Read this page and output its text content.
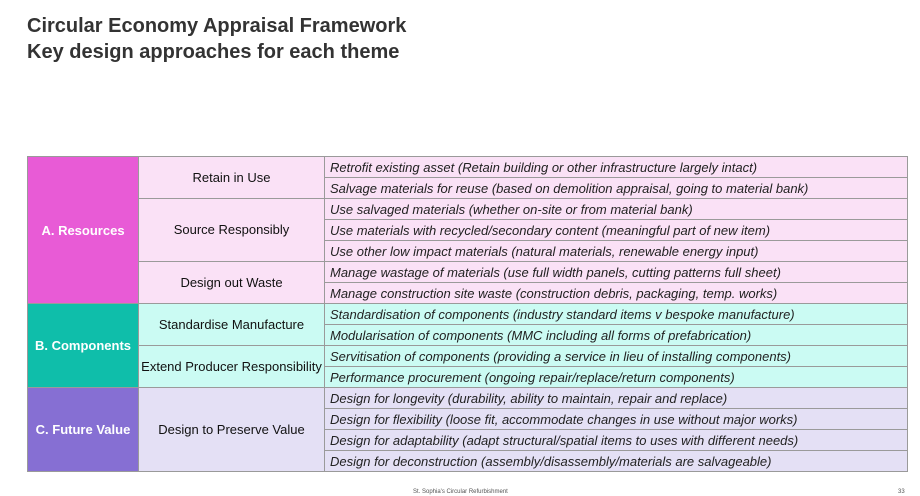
Circular Economy Appraisal Framework
Key design approaches for each theme
A. Resources	Retain in Use	Retrofit existing asset (Retain building or other infrastructure largely intact)
		Salvage materials for reuse (based on demolition appraisal, going to material bank)
	Source Responsibly	Use salvaged materials (whether on-site or from material bank)
		Use materials with recycled/secondary content (meaningful part of new item)
		Use other low impact materials (natural materials, renewable energy input)
	Design out Waste	Manage wastage of materials (use full width panels, cutting patterns full sheet)
		Manage construction site waste (construction debris, packaging, temp. works)
B. Components	Standardise Manufacture	Standardisation of components (industry standard items v bespoke manufacture)
		Modularisation of components (MMC including all forms of prefabrication)
	Extend Producer Responsibility	Servitisation of components (providing a service in lieu of installing components)
		Performance procurement (ongoing repair/replace/return components)
C. Future Value	Design to Preserve Value	Design for longevity (durability, ability to maintain, repair and replace)
		Design for flexibility (loose fit, accommodate changes in use without major works)
		Design for adaptability (adapt structural/spatial items to uses with different needs)
		Design for deconstruction (assembly/disassembly/materials are salvageable)
St. Sophia's Circular Refurbishment	33
